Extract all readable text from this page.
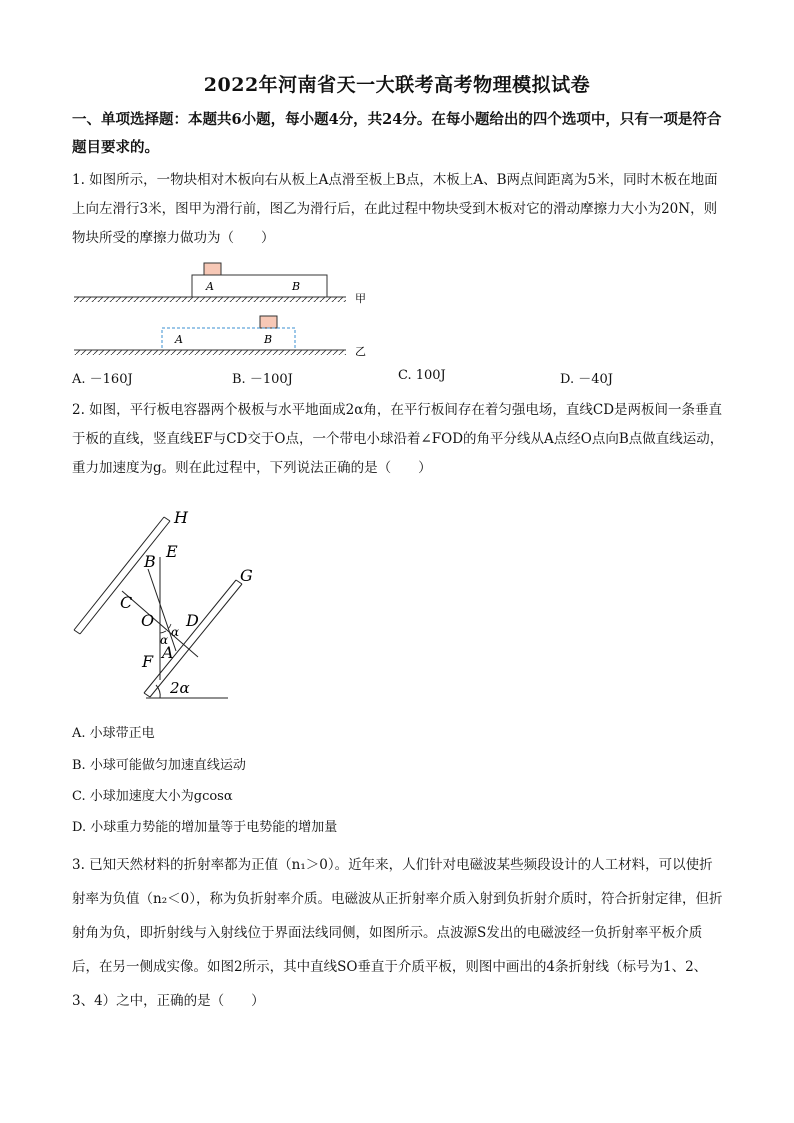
2022年河南省天一大联考高考物理模拟试卷
一、单项选择题：本题共6小题，每小题4分，共24分。在每小题给出的四个选项中，只有一项是符合题目要求的。
1. 如图所示，一物块相对木板向右从板上A点滑至板上B点，木板上A、B两点间距离为5米，同时木板在地面上向左滑行3米，图甲为滑行前，图乙为滑行后，在此过程中物块受到木板对它的滑动摩擦力大小为20N，则物块所受的摩擦力做功为（　　）
A	B
甲
A	B
乙
A. －160J	B. －100J	C. 100J	D. －40J
2. 如图，平行板电容器两个极板与水平地面成2α角，在平行板间存在着匀强电场，直线CD是两板间一条垂直于板的直线，竖直线EF与CD交于O点，一个带电小球沿着∠FOD的角平分线从A点经O点向B点做直线运动，重力加速度为g。则在此过程中，下列说法正确的是（　　）
H
G
B
E
C
O D
α
α
A
F
2α
A. 小球带正电
B. 小球可能做匀加速直线运动
C. 小球加速度大小为gcosα
D. 小球重力势能的增加量等于电势能的增加量
3. 已知天然材料的折射率都为正值（n₁＞0）。近年来，人们针对电磁波某些频段设计的人工材料，可以使折射率为负值（n₂＜0），称为负折射率介质。电磁波从正折射率介质入射到负折射介质时，符合折射定律，但折射角为负，即折射线与入射线位于界面法线同侧，如图所示。点波源S发出的电磁波经一负折射率平板介质后，在另一侧成实像。如图2所示，其中直线SO垂直于介质平板，则图中画出的4条折射线（标号为1、2、3、4）之中，正确的是（　　）
